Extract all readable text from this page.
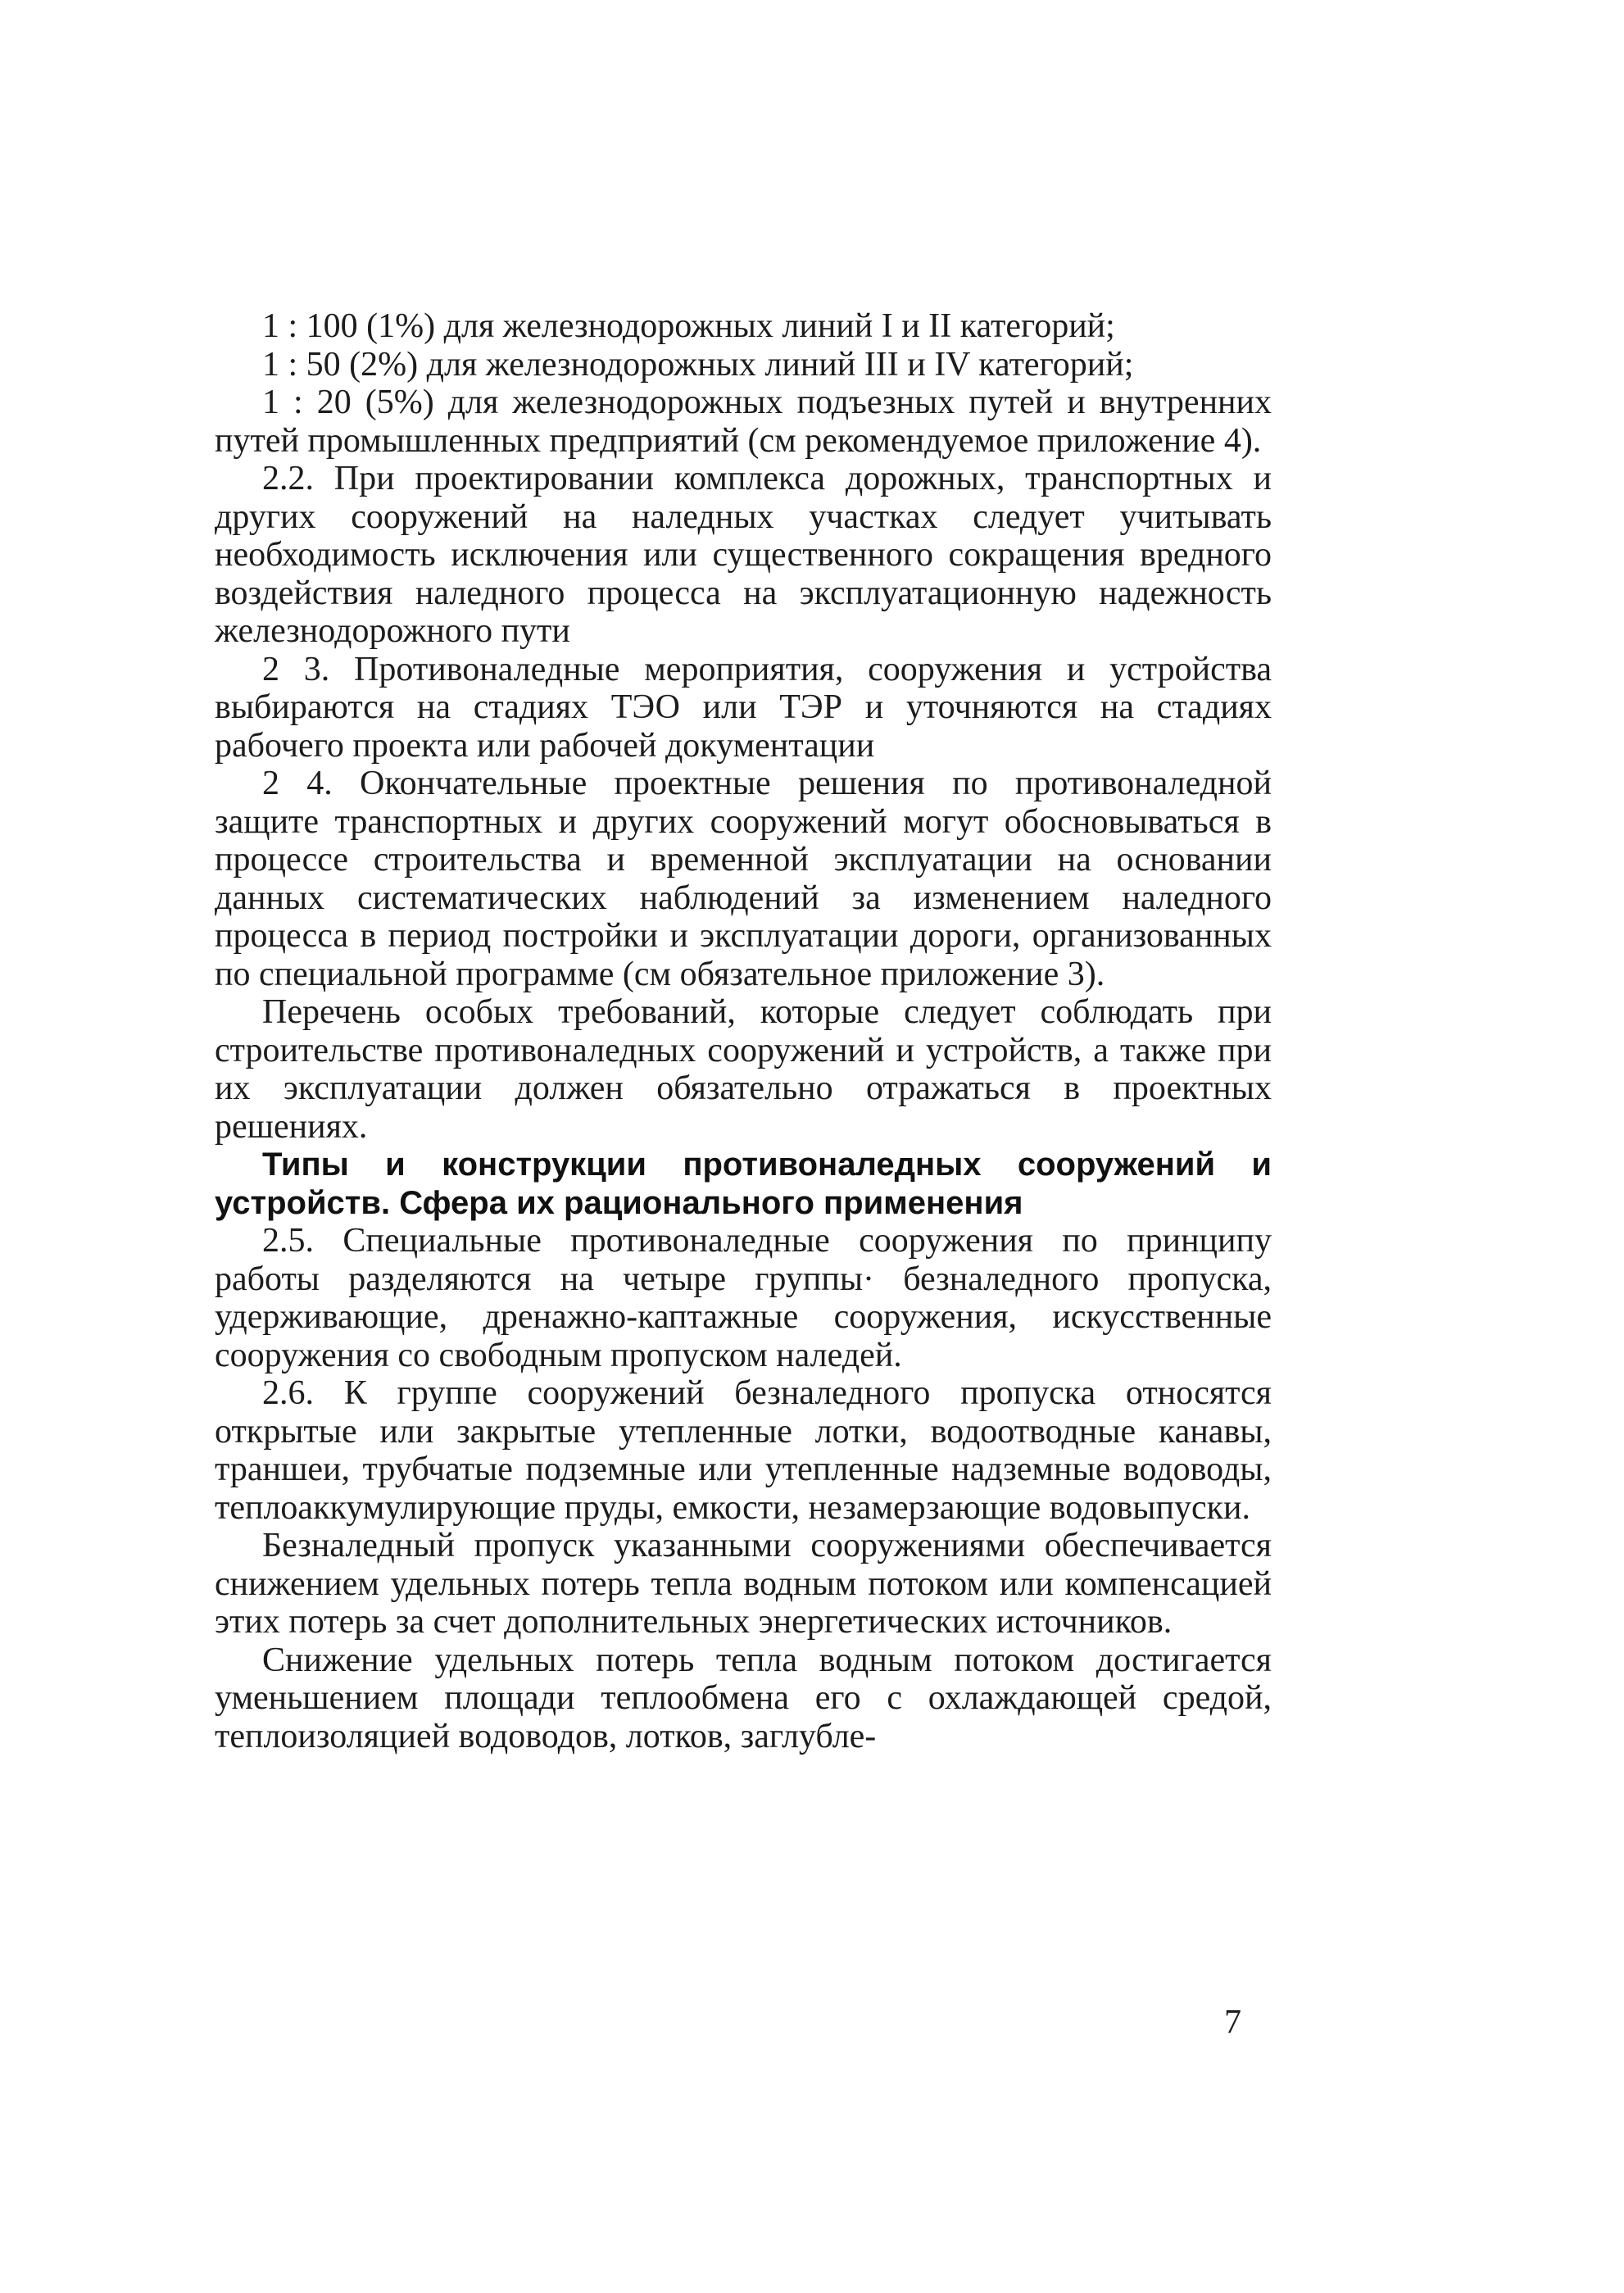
1 : 100 (1%) для железнодорожных линий I и II категорий;

1 : 50 (2%) для железнодорожных линий III и IV категорий;

1 : 20 (5%) для железнодорожных подъезных путей и внутренних путей промышленных предприятий (см рекомендуемое приложение 4).

2.2. При проектировании комплекса дорожных, транспортных и других сооружений на наледных участках следует учитывать необходимость исключения или существенного сокращения вредного воздействия наледного процесса на эксплуатационную надежность железнодорожного пути

2 3. Противоналедные мероприятия, сооружения и устройства выбираются на стадиях ТЭО или ТЭР и уточняются на стадиях рабочего проекта или рабочей документации

2 4. Окончательные проектные решения по противоналедной защите транспортных и других сооружений могут обосновываться в процессе строительства и временной эксплуатации на основании данных систематических наблюдений за изменением наледного процесса в период постройки и эксплуатации дороги, организованных по специальной программе (см обязательное приложение 3).

Перечень особых требований, которые следует соблюдать при строительстве противоналедных сооружений и устройств, а также при их эксплуатации должен обязательно отражаться в проектных решениях.

Типы и конструкции противоналедных сооружений и устройств. Сфера их рационального применения

2.5. Специальные противоналедные сооружения по принципу работы разделяются на четыре группы· безналедного пропуска, удерживающие, дренажно-каптажные сооружения, искусственные сооружения со свободным пропуском наледей.

2.6. К группе сооружений безналедного пропуска относятся открытые или закрытые утепленные лотки, водоотводные канавы, траншеи, трубчатые подземные или утепленные надземные водоводы, теплоаккумулирующие пруды, емкости, незамерзающие водовыпуски.

Безналедный пропуск указанными сооружениями обеспечивается снижением удельных потерь тепла водным потоком или компенсацией этих потерь за счет дополнительных энергетических источников.

Снижение удельных потерь тепла водным потоком достигается уменьшением площади теплообмена его с охлаждающей средой, теплоизоляцией водоводов, лотков, заглубле-

7
